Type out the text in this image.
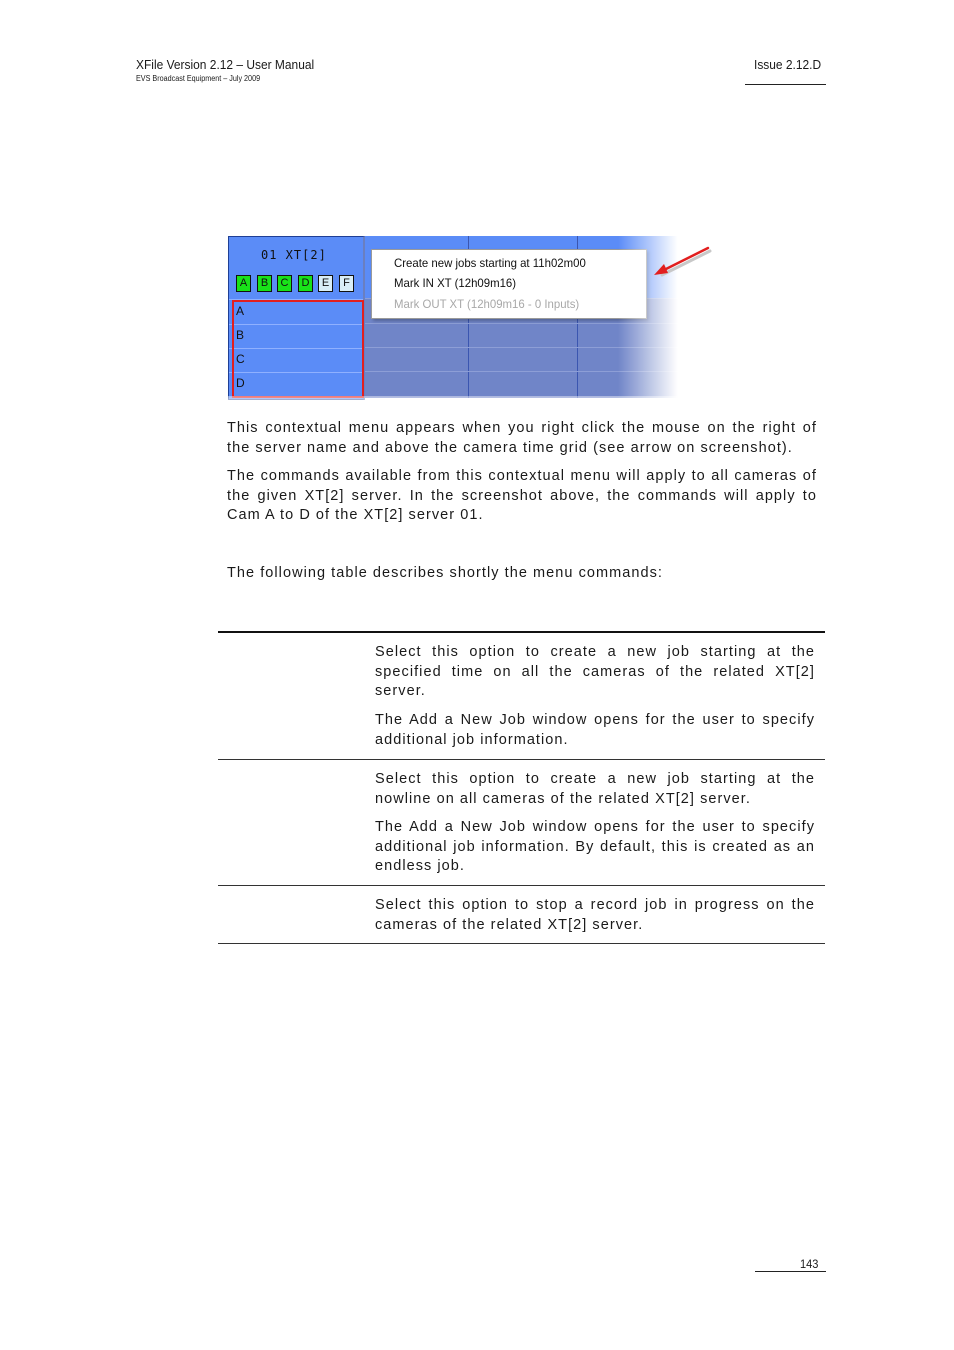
XFile Version 2.12 – User Manual
EVS Broadcast Equipment – July 2009
Issue 2.12.D
01 XT[2]
A	B	C	D	E	F
A
B
C
D
Create new jobs starting at 11h02m00
Mark IN XT (12h09m16)
Mark OUT XT (12h09m16 - 0 Inputs)
This contextual menu appears when you right click the mouse on the right of the server name and above the camera time grid (see arrow on screenshot).
The commands available from this contextual menu will apply to all cameras of the given XT[2] server. In the screenshot above, the commands will apply to Cam A to D of the XT[2] server 01.
The following table describes shortly the menu commands:
Select this option to create a new job starting at the specified time on all the cameras of the related XT[2] server.
The Add a New Job window opens for the user to specify additional job information.
Select this option to create a new job starting at the nowline on all cameras of the related XT[2] server.
The Add a New Job window opens for the user to specify additional job information. By default, this is created as an endless job.
Select this option to stop a record job in progress on the cameras of the related XT[2] server.
143
